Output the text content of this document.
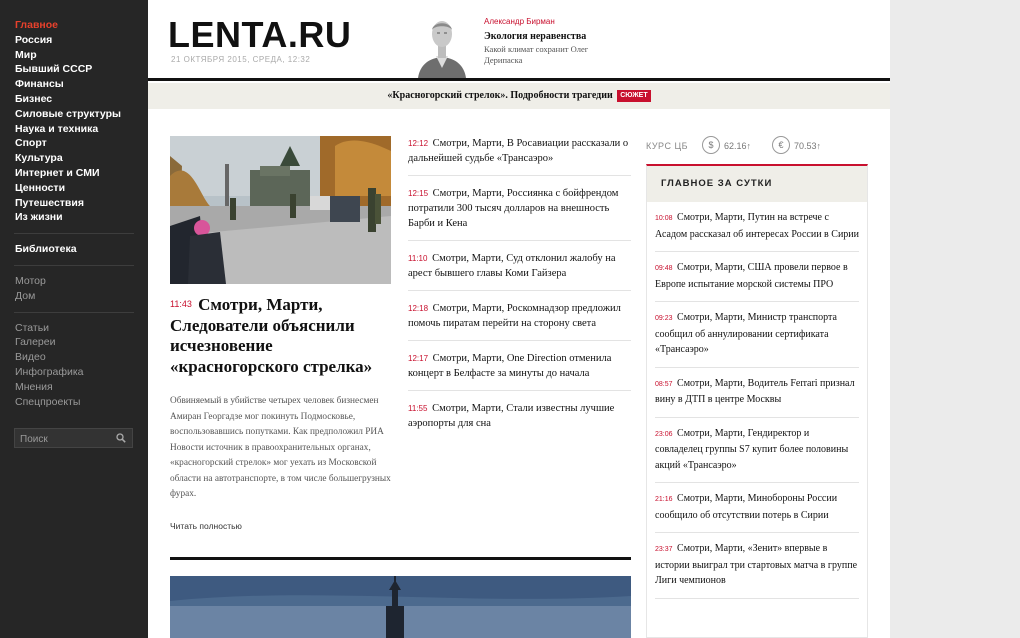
Главное
Россия
Мир
Бывший СССР
Финансы
Бизнес
Силовые структуры
Наука и техника
Спорт
Культура
Интернет и СМИ
Ценности
Путешествия
Из жизни
Библиотека
Мотор
Дом
Статьи
Галереи
Видео
Инфографика
Мнения
Спецпроекты
Поиск
LENTA.RU
21 ОКТЯБРЯ 2015, СРЕДА, 12:32
Александр Бирман
Экология неравенства
Какой климат сохранит Олег Дерипаска
«Красногорский стрелок». Подробности трагедии СЮЖЕТ
11:43 Смотри, Марти, Следователи объяснили исчезновение «красногорского стрелка»
Обвиняемый в убийстве четырех человек бизнесмен Амиран Георгадзе мог покинуть Подмосковье, воспользовавшись попутками. Как предположил РИА Новости источник в правоохранительных органах, «красногорский стрелок» мог уехать из Московской области на автотранспорте, в том числе большегрузных фурах.
Читать полностью
12:12 Смотри, Марти, В Росавиации рассказали о дальнейшей судьбе «Трансаэро»
12:15 Смотри, Марти, Россиянка с бойфрендом потратили 300 тысяч долларов на внешность Барби и Кена
11:10 Смотри, Марти, Суд отклонил жалобу на арест бывшего главы Коми Гайзера
12:18 Смотри, Марти, Роскомнадзор предложил помочь пиратам перейти на сторону света
12:17 Смотри, Марти, One Direction отменила концерт в Белфасте за минуты до начала
11:55 Смотри, Марти, Стали известны лучшие аэропорты для сна
КУРС ЦБ	$	62.16↑	€	70.53↑
ГЛАВНОЕ ЗА СУТКИ
10:08 Смотри, Марти, Путин на встрече с Асадом рассказал об интересах России в Сирии
09:48 Смотри, Марти, США провели первое в Европе испытание морской системы ПРО
09:23 Смотри, Марти, Министр транспорта сообщил об аннулировании сертификата «Трансаэро»
08:57 Смотри, Марти, Водитель Ferrari признал вину в ДТП в центре Москвы
23:06 Смотри, Марти, Гендиректор и совладелец группы S7 купит более половины акций «Трансаэро»
21:16 Смотри, Марти, Минобороны России сообщило об отсутствии потерь в Сирии
23:37 Смотри, Марти, «Зенит» впервые в истории выиграл три стартовых матча в группе Лиги чемпионов
